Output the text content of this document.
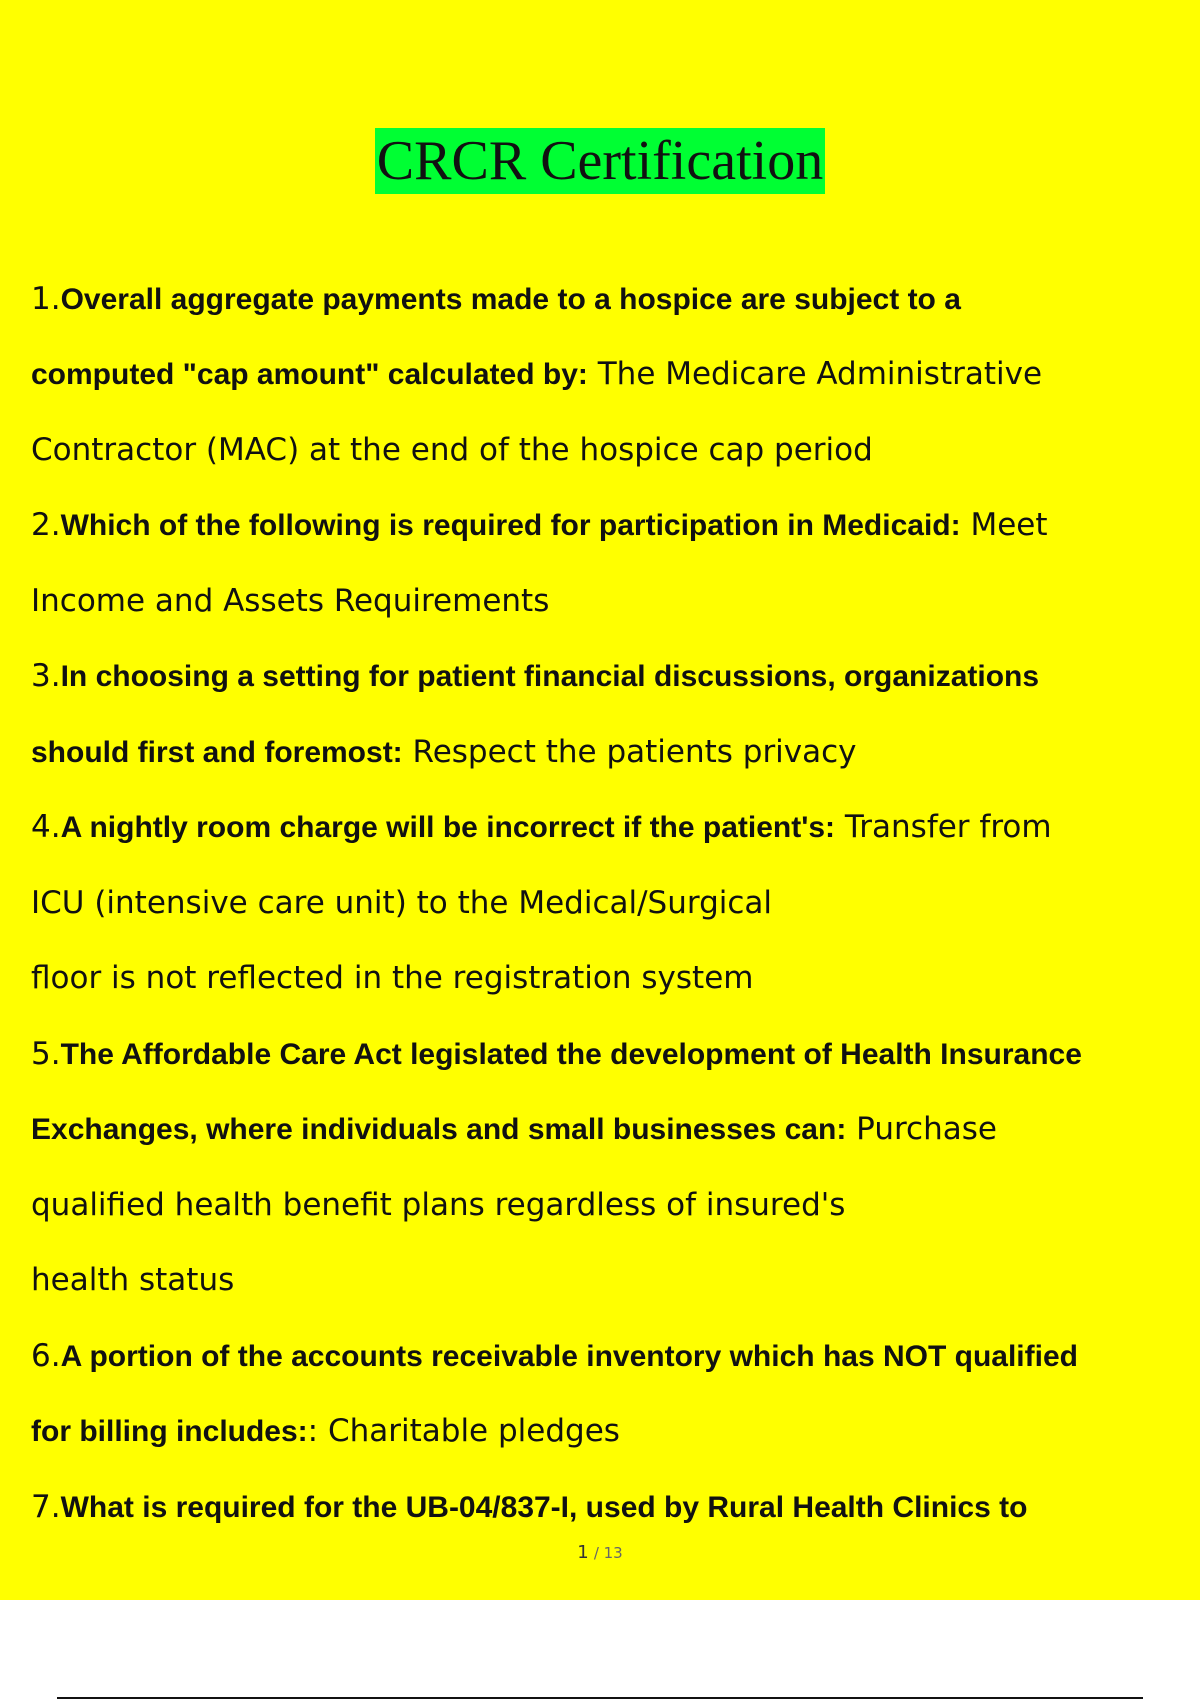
CRCR Certification
1.Overall aggregate payments made to a hospice are subject to a
computed "cap amount" calculated by: The Medicare Administrative
Contractor (MAC) at the end of the hospice cap period
2.Which of the following is required for participation in Medicaid: Meet
Income and Assets Requirements
3.In choosing a setting for patient financial discussions, organizations
should first and foremost: Respect the patients privacy
4.A nightly room charge will be incorrect if the patient's: Transfer from
ICU (intensive care unit) to the Medical/Surgical
floor is not reflected in the registration system
5.The Affordable Care Act legislated the development of Health Insurance
Exchanges, where individuals and small businesses can: Purchase
qualified health benefit plans regardless of insured's
health status
6.A portion of the accounts receivable inventory which has NOT qualified
for billing includes:: Charitable pledges
7.What is required for the UB-04/837-I, used by Rural Health Clinics to
1 / 13
